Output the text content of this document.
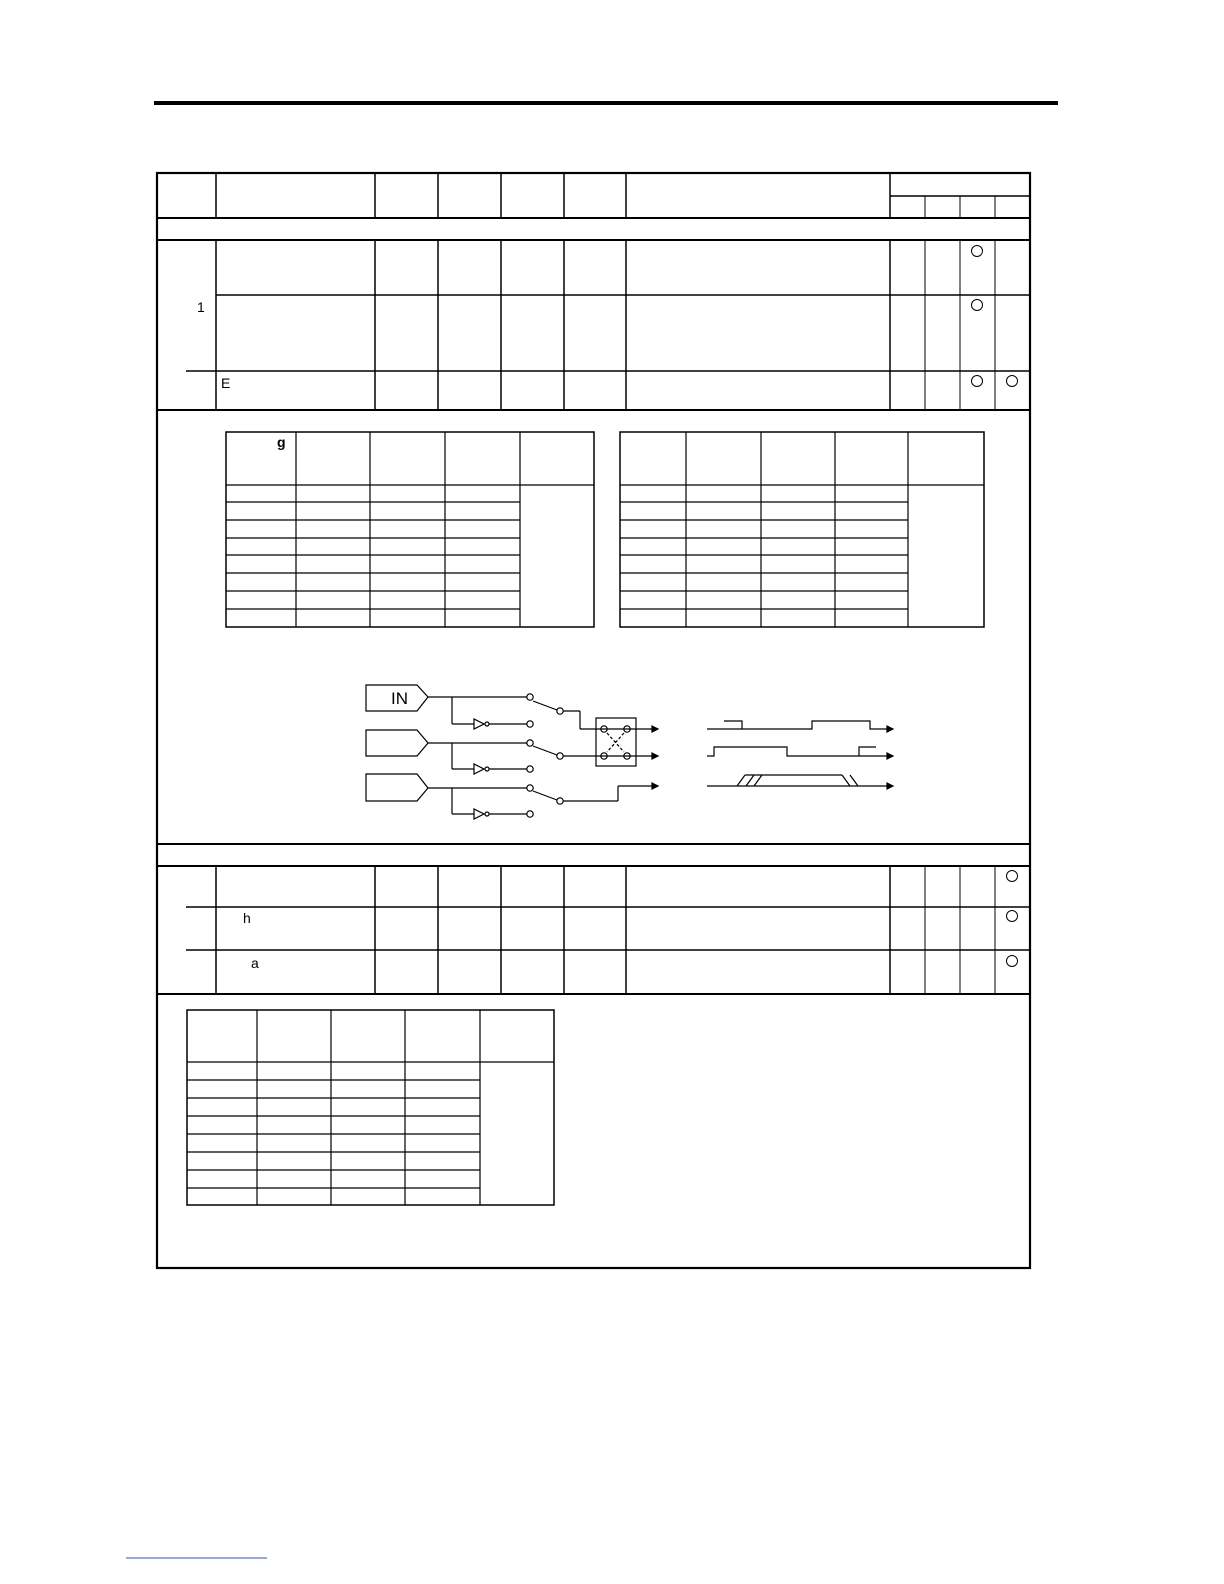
IN
1
E
g
h
a
